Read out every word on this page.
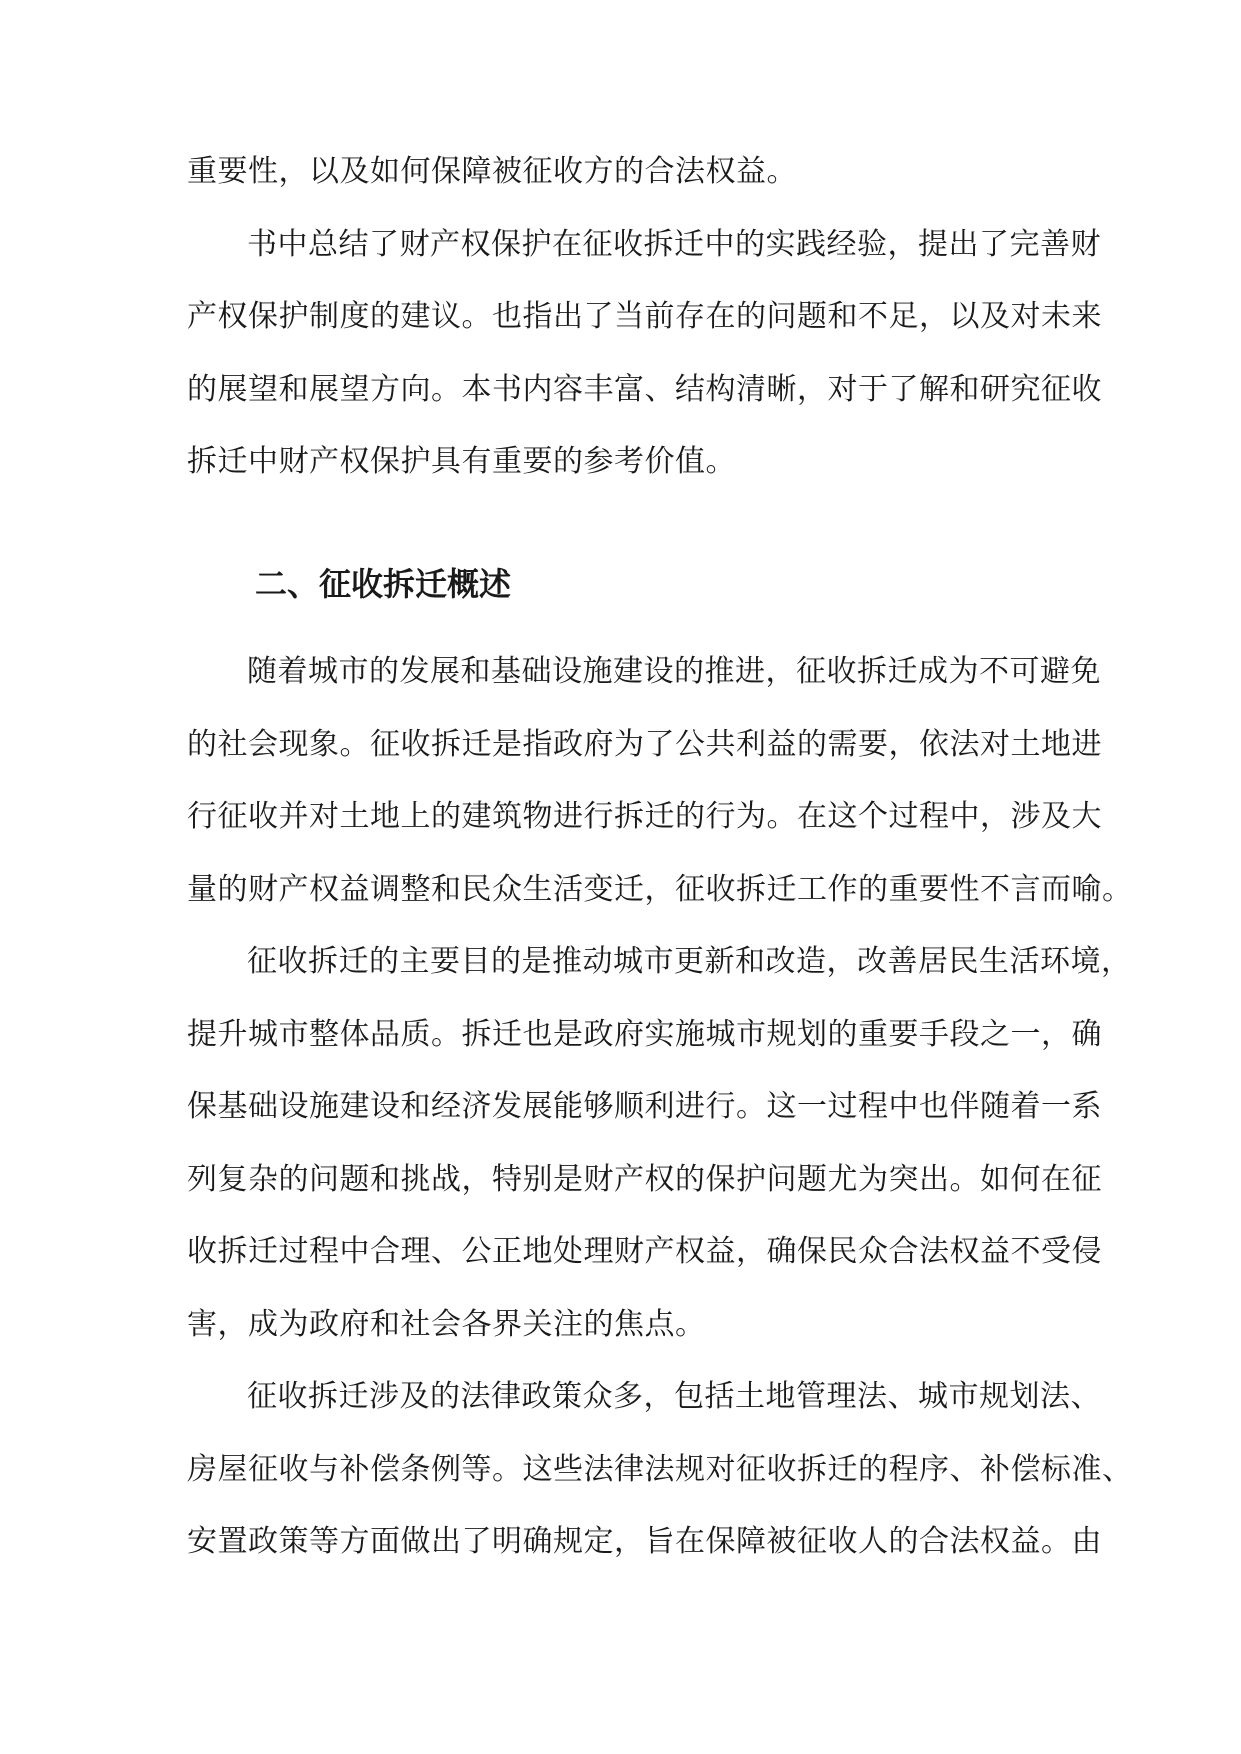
重要性，以及如何保障被征收方的合法权益。

书中总结了财产权保护在征收拆迁中的实践经验，提出了完善财

产权保护制度的建议。也指出了当前存在的问题和不足，以及对未来

的展望和展望方向。本书内容丰富、结构清晰，对于了解和研究征收

拆迁中财产权保护具有重要的参考价值。

二、征收拆迁概述

随着城市的发展和基础设施建设的推进，征收拆迁成为不可避免

的社会现象。征收拆迁是指政府为了公共利益的需要，依法对土地进

行征收并对土地上的建筑物进行拆迁的行为。在这个过程中，涉及大

量的财产权益调整和民众生活变迁，征收拆迁工作的重要性不言而喻。

征收拆迁的主要目的是推动城市更新和改造，改善居民生活环境，

提升城市整体品质。拆迁也是政府实施城市规划的重要手段之一，确

保基础设施建设和经济发展能够顺利进行。这一过程中也伴随着一系

列复杂的问题和挑战，特别是财产权的保护问题尤为突出。如何在征

收拆迁过程中合理、公正地处理财产权益，确保民众合法权益不受侵

害，成为政府和社会各界关注的焦点。

征收拆迁涉及的法律政策众多，包括土地管理法、城市规划法、

房屋征收与补偿条例等。这些法律法规对征收拆迁的程序、补偿标准、

安置政策等方面做出了明确规定，旨在保障被征收人的合法权益。由
